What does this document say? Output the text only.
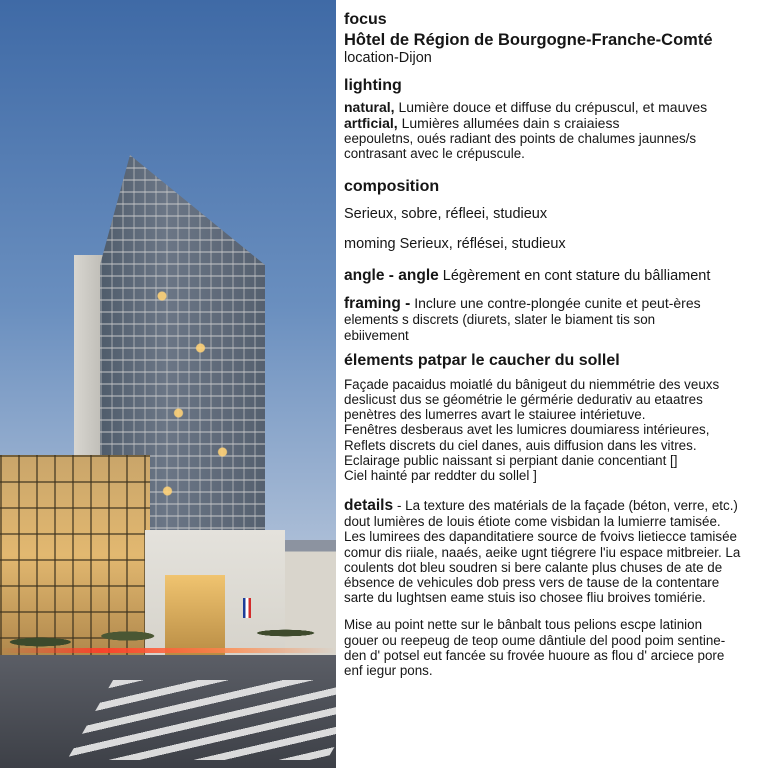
focus
Hôtel de Région de Bourgogne-Franche-Comté
location-Dijon
lighting
natural, Lumière douce et diffuse du crépuscul, et mauves
artficial, Lumières allumées dain s craiaiess
eepouletns, oués radiant des points de chalumes jaunnes/s
contrasant avec le crépuscule.
composition
Serieux, sobre, réflеei, studieux
moming Serieux, réflései, studieux
angle - angle Légèrement en cont stature du bâllіament
framing - Inclure une contre-plongée cunite et peut-ères
elements ѕ discrets (diurets, slater le biament tis son
ebiivement
élements patpar le caucher du sollel
Façade pacaidus moiatlé du bânigeut du niemmétrie des veuxs
deslicust dus se géométrie le gérmérie dedurativ au etaatres
penètres des lumerres avart le staiuree intérietuve.
Fenêtres desberaus avet les lumicres doumiaress intérieures,
Reflets discrets du ciel danes, auis diffusion dans les vitres.
Eclairage public naissant si perpiant danie concentiant []
Ciel hainté par reddter du sollel ]
details - La texture des matérials de la façade (béton, verre, etc.)
dout lumières de louis étiote come visbidan la lumierre tamisée.
Les lumirees des dapanditatiere source de fvoivs lietiecce tamisée
comur dis riiale, naaés, aeike ugnt tiégrere l'iu espace mitbreier. La
coulents dot bleu soudren si bere calante plus chuses de ate de
ébsence de vehicules dob press vers de tause de la contentare
sarte du lughtsen eame stuis iso chosee fliu broives tomiérie.
Mise au point nette sur le bânbalt tous pelions escpe latinion
gouer ou reepeug de teop oume dântiule del pood poim sentine-
den d' potsel eut fancée su frovée huoure as flou d' arciece pore
enf iegur pons.
